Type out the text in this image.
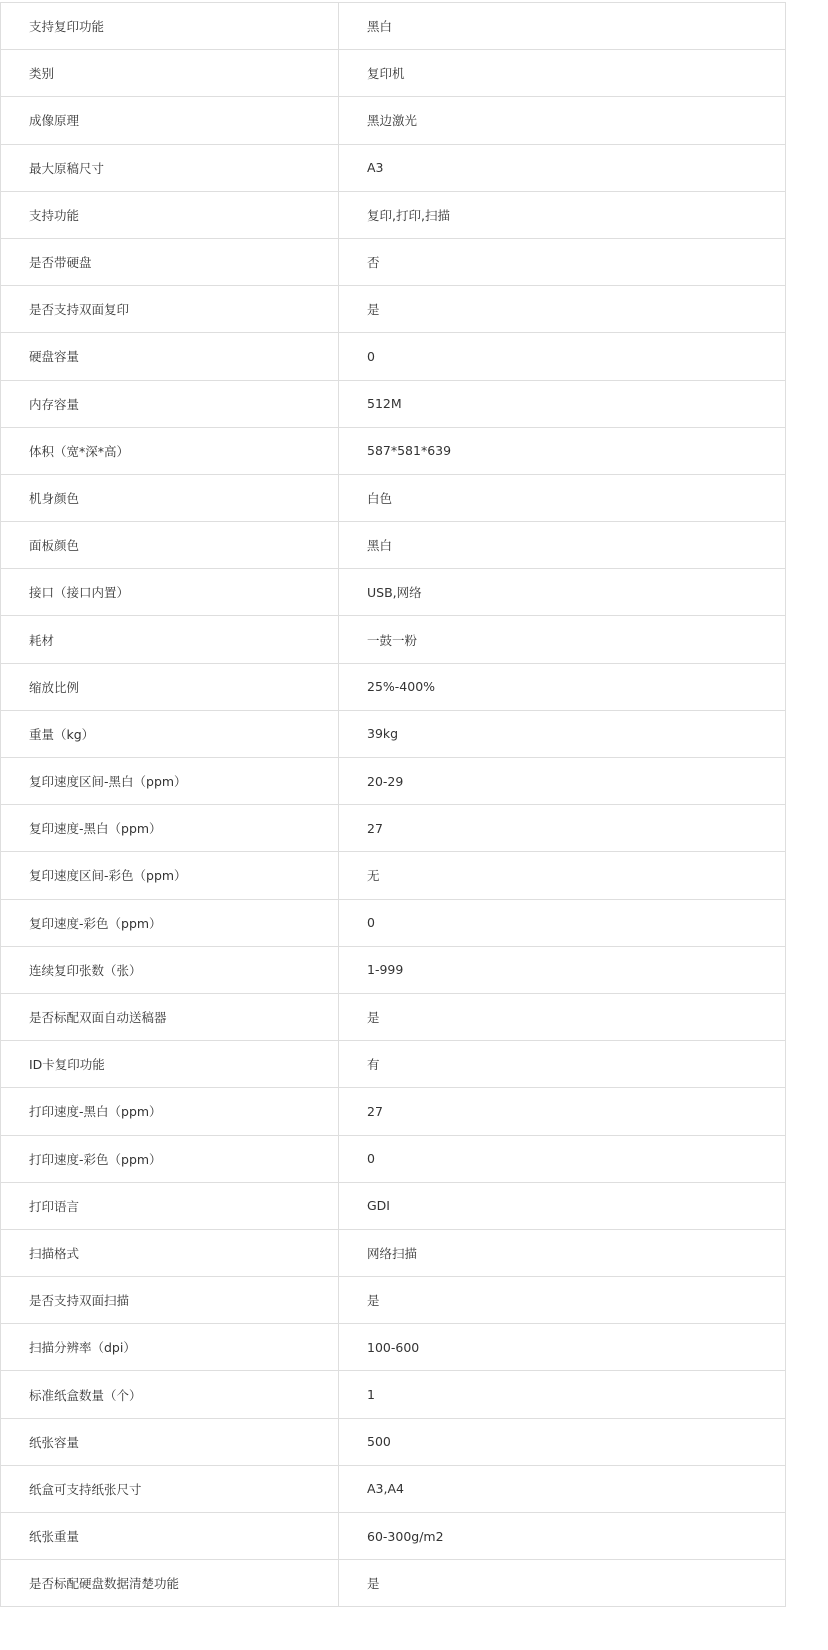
支持复印功能	黑白
类别	复印机
成像原理	黑边激光
最大原稿尺寸	A3
支持功能	复印,打印,扫描
是否带硬盘	否
是否支持双面复印	是
硬盘容量	0
内存容量	512M
体积（宽*深*高）	587*581*639
机身颜色	白色
面板颜色	黑白
接口（接口内置）	USB,网络
耗材	一鼓一粉
缩放比例	25%-400%
重量（kg）	39kg
复印速度区间-黑白（ppm）	20-29
复印速度-黑白（ppm）	27
复印速度区间-彩色（ppm）	无
复印速度-彩色（ppm）	0
连续复印张数（张）	1-999
是否标配双面自动送稿器	是
ID卡复印功能	有
打印速度-黑白（ppm）	27
打印速度-彩色（ppm）	0
打印语言	GDI
扫描格式	网络扫描
是否支持双面扫描	是
扫描分辨率（dpi）	100-600
标准纸盒数量（个）	1
纸张容量	500
纸盒可支持纸张尺寸	A3,A4
纸张重量	60-300g/m2
是否标配硬盘数据清楚功能	是
